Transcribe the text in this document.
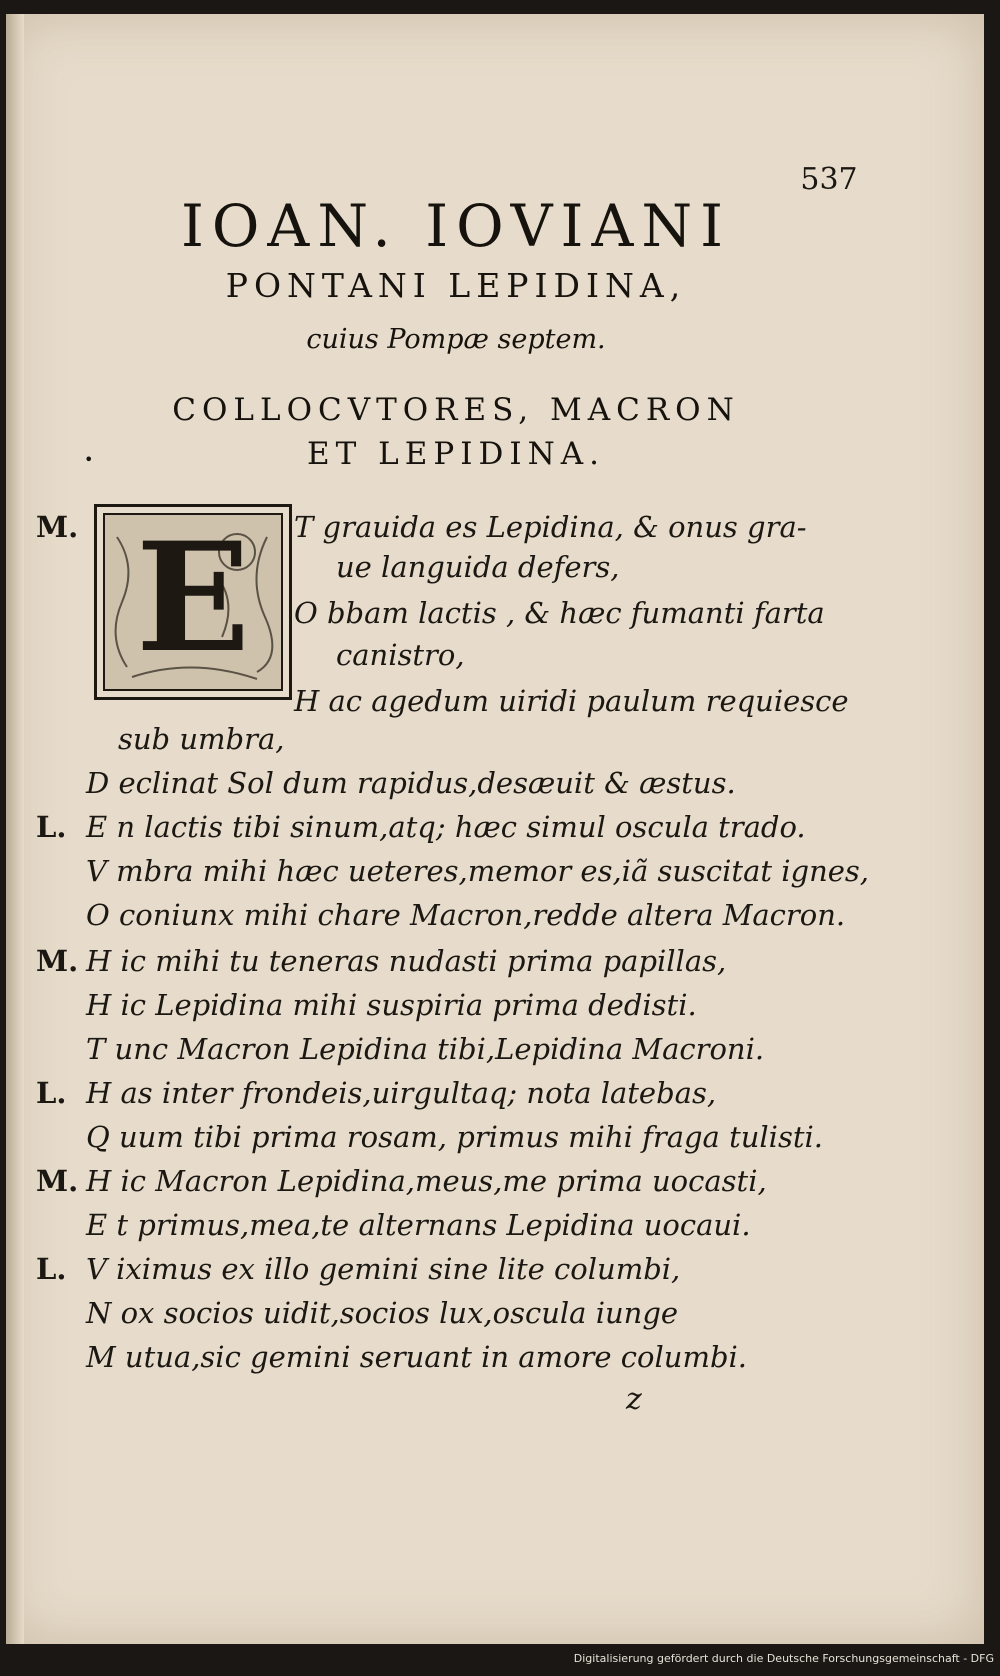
537
IOAN. IOVIANI
PONTANI LEPIDINA,
cuius Pompæ septem.
COLLOCVTORES, MACRON
•	ET LEPIDINA.
E
M.	T grauida es Lepidina, & onus gra-
ue languida defers,
O bbam lactis , & hæc fumanti farta
canistro,
H ac agedum uiridi paulum requiesce
sub umbra,
D eclinat Sol dum rapidus,desæuit & æstus.
L. E n lactis tibi sinum,atq; hæc simul oscula trado.
V mbra mihi hæc ueteres,memor es,iã suscitat ignes,
O coniunx mihi chare Macron,redde altera Macron.
M. H ic mihi tu teneras nudasti prima papillas,
H ic Lepidina mihi suspiria prima dedisti.
T unc Macron Lepidina tibi,Lepidina Macroni.
L. H as inter frondeis,uirgultaq; nota latebas,
Q uum tibi prima rosam, primus mihi fraga tulisti.
M. H ic Macron Lepidina,meus,me prima uocasti,
E t primus,mea,te alternans Lepidina uocaui.
L. V iximus ex illo gemini sine lite columbi,
N ox socios uidit,socios lux,oscula iunge
M utua,sic gemini seruant in amore columbi.
z
Digitalisierung gefördert durch die Deutsche Forschungsgemeinschaft - DFG
